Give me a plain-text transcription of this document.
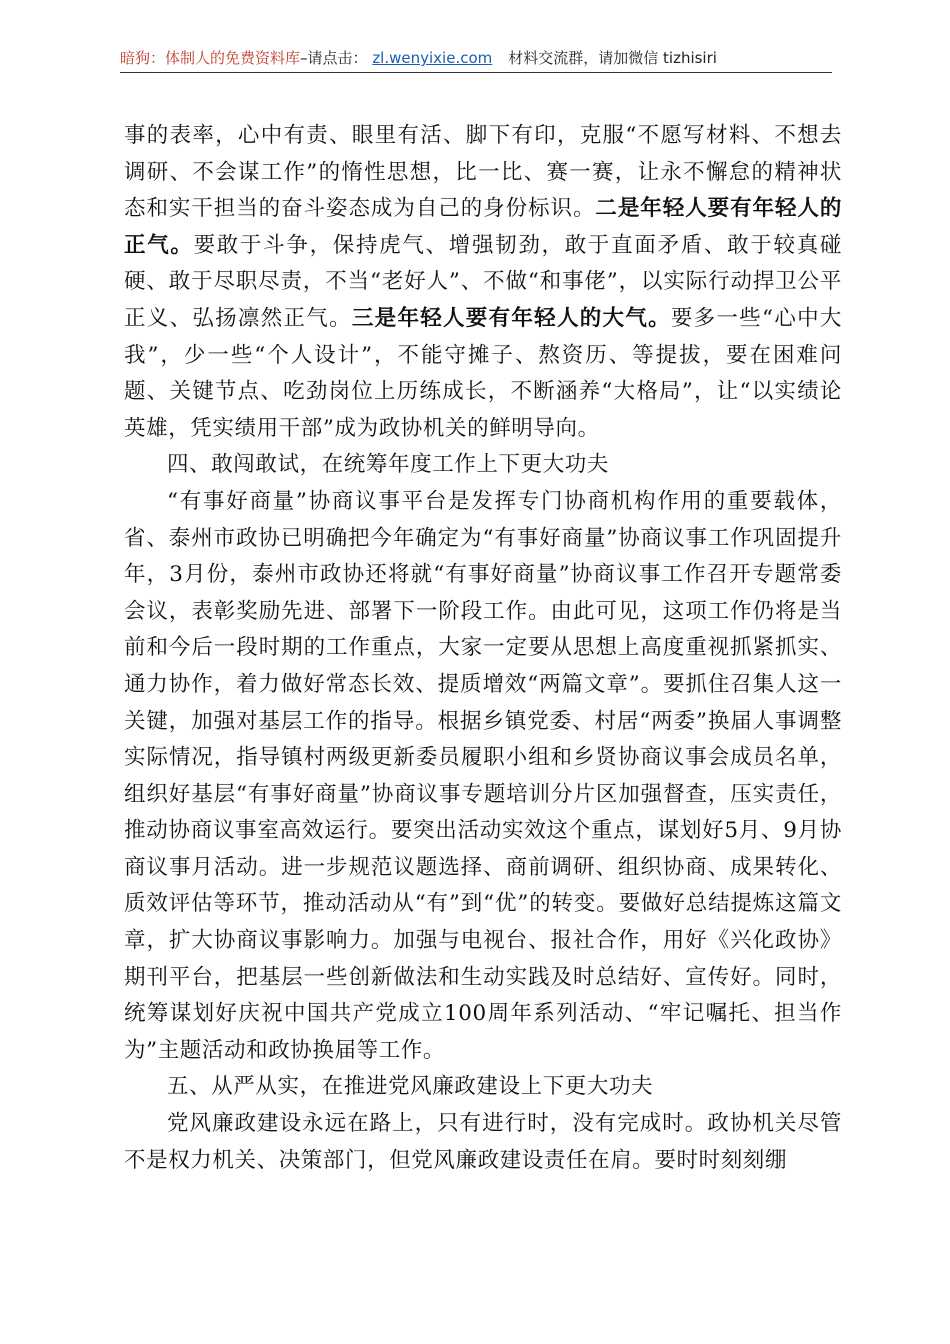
暗狗：体制人的免费资料库–请点击： zl.wenyixie.com 材料交流群，请加微信 tizhisiri

事的表率，心中有责、眼里有活、脚下有印，克服“不愿写材料、不想去调研、不会谋工作”的惰性思想，比一比、赛一赛，让永不懈怠的精神状态和实干担当的奋斗姿态成为自己的身份标识。二是年轻人要有年轻人的正气。要敢于斗争，保持虎气、增强韧劲，敢于直面矛盾、敢于较真碰硬、敢于尽职尽责，不当“老好人”、不做“和事佬”，以实际行动捍卫公平正义、弘扬凛然正气。三是年轻人要有年轻人的大气。要多一些“心中大我”，少一些“个人设计”，不能守摊子、熬资历、等提拔，要在困难问题、关键节点、吃劲岗位上历练成长，不断涵养“大格局”，让“以实绩论英雄，凭实绩用干部”成为政协机关的鲜明导向。

四、敢闯敢试，在统筹年度工作上下更大功夫

“有事好商量”协商议事平台是发挥专门协商机构作用的重要载体，省、泰州市政协已明确把今年确定为“有事好商量”协商议事工作巩固提升年，3月份，泰州市政协还将就“有事好商量”协商议事工作召开专题常委会议，表彰奖励先进、部署下一阶段工作。由此可见，这项工作仍将是当前和今后一段时期的工作重点，大家一定要从思想上高度重视抓紧抓实、通力协作，着力做好常态长效、提质增效“两篇文章”。要抓住召集人这一关键，加强对基层工作的指导。根据乡镇党委、村居“两委”换届人事调整实际情况，指导镇村两级更新委员履职小组和乡贤协商议事会成员名单，组织好基层“有事好商量”协商议事专题培训分片区加强督查，压实责任，推动协商议事室高效运行。要突出活动实效这个重点，谋划好5月、9月协商议事月活动。进一步规范议题选择、商前调研、组织协商、成果转化、质效评估等环节，推动活动从“有”到“优”的转变。要做好总结提炼这篇文章，扩大协商议事影响力。加强与电视台、报社合作，用好《兴化政协》期刊平台，把基层一些创新做法和生动实践及时总结好、宣传好。同时，统筹谋划好庆祝中国共产党成立100周年系列活动、“牢记嘱托、担当作为”主题活动和政协换届等工作。

五、从严从实，在推进党风廉政建设上下更大功夫

党风廉政建设永远在路上，只有进行时，没有完成时。政协机关尽管不是权力机关、决策部门，但党风廉政建设责任在肩。要时时刻刻绷
